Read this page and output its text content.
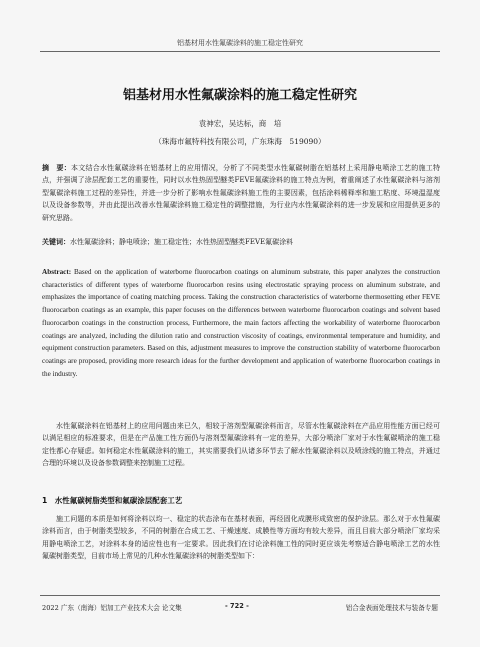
铝基材用水性氟碳涂料的施工稳定性研究
铝基材用水性氟碳涂料的施工稳定性研究
袁神宏，吴达标，商　培
（珠海市氟特科技有限公司，广东珠海　519090）
摘　要：本文结合水性氟碳涂料在铝基材上的应用情况，分析了不同类型水性氟碳树脂在铝基材上采用静电喷涂工艺的施工特点，并强调了涂层配套工艺的重要性，同时以水性热固型醚类FEVE氟碳涂料的施工特点为例，着重阐述了水性氟碳涂料与溶剂型氟碳涂料施工过程的差异性，并进一步分析了影响水性氟碳涂料施工性的主要因素，包括涂料稀释率和施工粘度、环境温湿度以及设备参数等，并由此提出改善水性氟碳涂料施工稳定性的调整措施，为行业内水性氟碳涂料的进一步发展和应用提供更多的研究思路。
关键词：水性氟碳涂料；静电喷涂；施工稳定性；水性热固型醚类FEVE氟碳涂料
Abstract: Based on the application of waterborne fluorocarbon coatings on aluminum substrate, this paper analyzes the construction characteristics of different types of waterborne fluorocarbon resins using electrostatic spraying process on aluminum substrate, and emphasizes the importance of coating matching process. Taking the construction characteristics of waterborne thermosetting ether FEVE fluorocarbon coatings as an example, this paper focuses on the differences between waterborne fluorocarbon coatings and solvent based fluorocarbon coatings in the construction process, Furthermore, the main factors affecting the workability of waterborne fluorocarbon coatings are analyzed, including the dilution ratio and construction viscosity of coatings, environmental temperature and humidity, and equipment construction parameters. Based on this, adjustment measures to improve the construction stability of waterborne fluorocarbon coatings are proposed, providing more research ideas for the further development and application of waterborne fluorocarbon coatings in the industry.
水性氟碳涂料在铝基材上的应用问题由来已久，相较于溶剂型氟碳涂料而言，尽管水性氟碳涂料在产品应用性能方面已经可以满足相应的标准要求，但是在产品施工性方面仍与溶剂型氟碳涂料有一定的差异，大部分喷涂厂家对于水性氟碳喷涂的施工稳定性都心存疑虑。如何稳定水性氟碳涂料的施工，其实需要我们从诸多环节去了解水性氟碳涂料以及喷涂线的施工特点，并通过合理的环境以及设备参数调整来控制施工过程。
1　水性氟碳树脂类型和氟碳涂层配套工艺
施工问题的本质是如何将涂料以均一、稳定的状态涂布在基材表面，再经固化成膜形成致密的保护涂层。那么对于水性氟碳涂料而言，由于树脂类型较多，不同的树脂在合成工艺、干燥速度、成膜性等方面均有较大差异，而且目前大部分喷涂厂家均采用静电喷涂工艺，对涂料本身的适应性也有一定要求。因此我们在讨论涂料施工性的同时更应该先考察适合静电喷涂工艺的水性氟碳树脂类型，目前市场上常见的几种水性氟碳涂料的树脂类型如下：
2022 广东（南海）铝加工产业技术大会 论文集	- 722 -	铝合金表面处理技术与装备专题
